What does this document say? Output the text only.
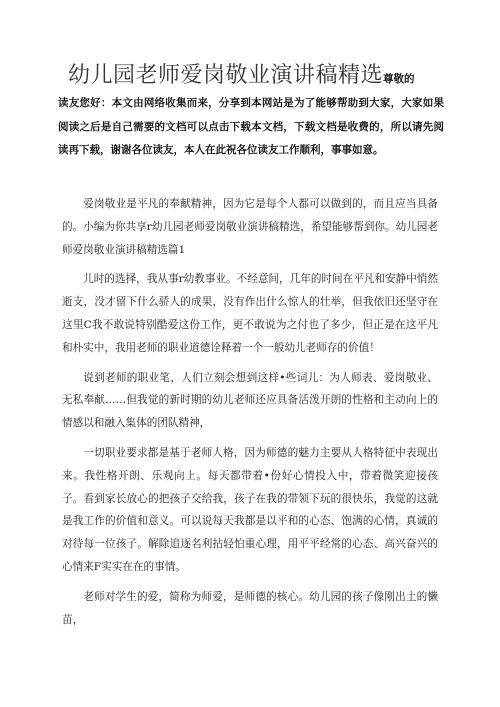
幼儿园老师爱岗敬业演讲稿精选尊敬的
读友您好：本文由网络收集而来，分享到本网站是为了能够帮助到大家，大家如果阅读之后是自己需要的文档可以点击下载本文档，下载文档是收费的，所以请先阅读再下载，谢谢各位读友，本人在此祝各位读友工作顺利，事事如意。

爱岗敬业是平凡的奉献精神，因为它是每个人都可以做到的，而且应当具备的。小编为你共享r幼儿园老师爱岗敬业演讲稿精选，希望能够帮到你。幼儿园老师爱岗敬业演讲稿精选篇1

儿时的选择，我从事r幼教事业。不经意间，几年的时间在平凡和安静中悄然逝支，没才留下什么骄人的成果，没有作出什么惊人的壮举，但我依旧还坚守在这里C我不敢说特别酷爱这份工作，更不敢说为之付也了多少，但正是在这平凡和朴实中，我用老师的职业道德诠释着一个一般幼儿老师存的价值！

说到老师的职业笔，人们立刻会想到这样•些词儿：为人师表、爱岗敬业、无私奉献……但我觉的新时期的幼儿老师还应具备活泼开朗的性格和主动向上的情感以和融入集体的团队精神，

一切职业要求都是基于老师人格，因为师德的魅力主要从人格特征中表现出来。我性格开朗、乐观向上。每天都带着•份好心情投入中，带着微笑迎接孩子。看到家长放心的把孩子交给我，孩子在我的带领下玩的很快乐，我觉的这就是我工作的价值和意义。可以说每天我都是以平和的心态、饱满的心情，真诚的对待每一位孩子。解除追逐名利拈轻怕重心理，用平平经常的心态、高兴奋兴的心情来F实实在在的事情。

老师对学生的爱，简称为师爱，是师德的核心。幼儿园的孩子像刚出土的懒苗，
